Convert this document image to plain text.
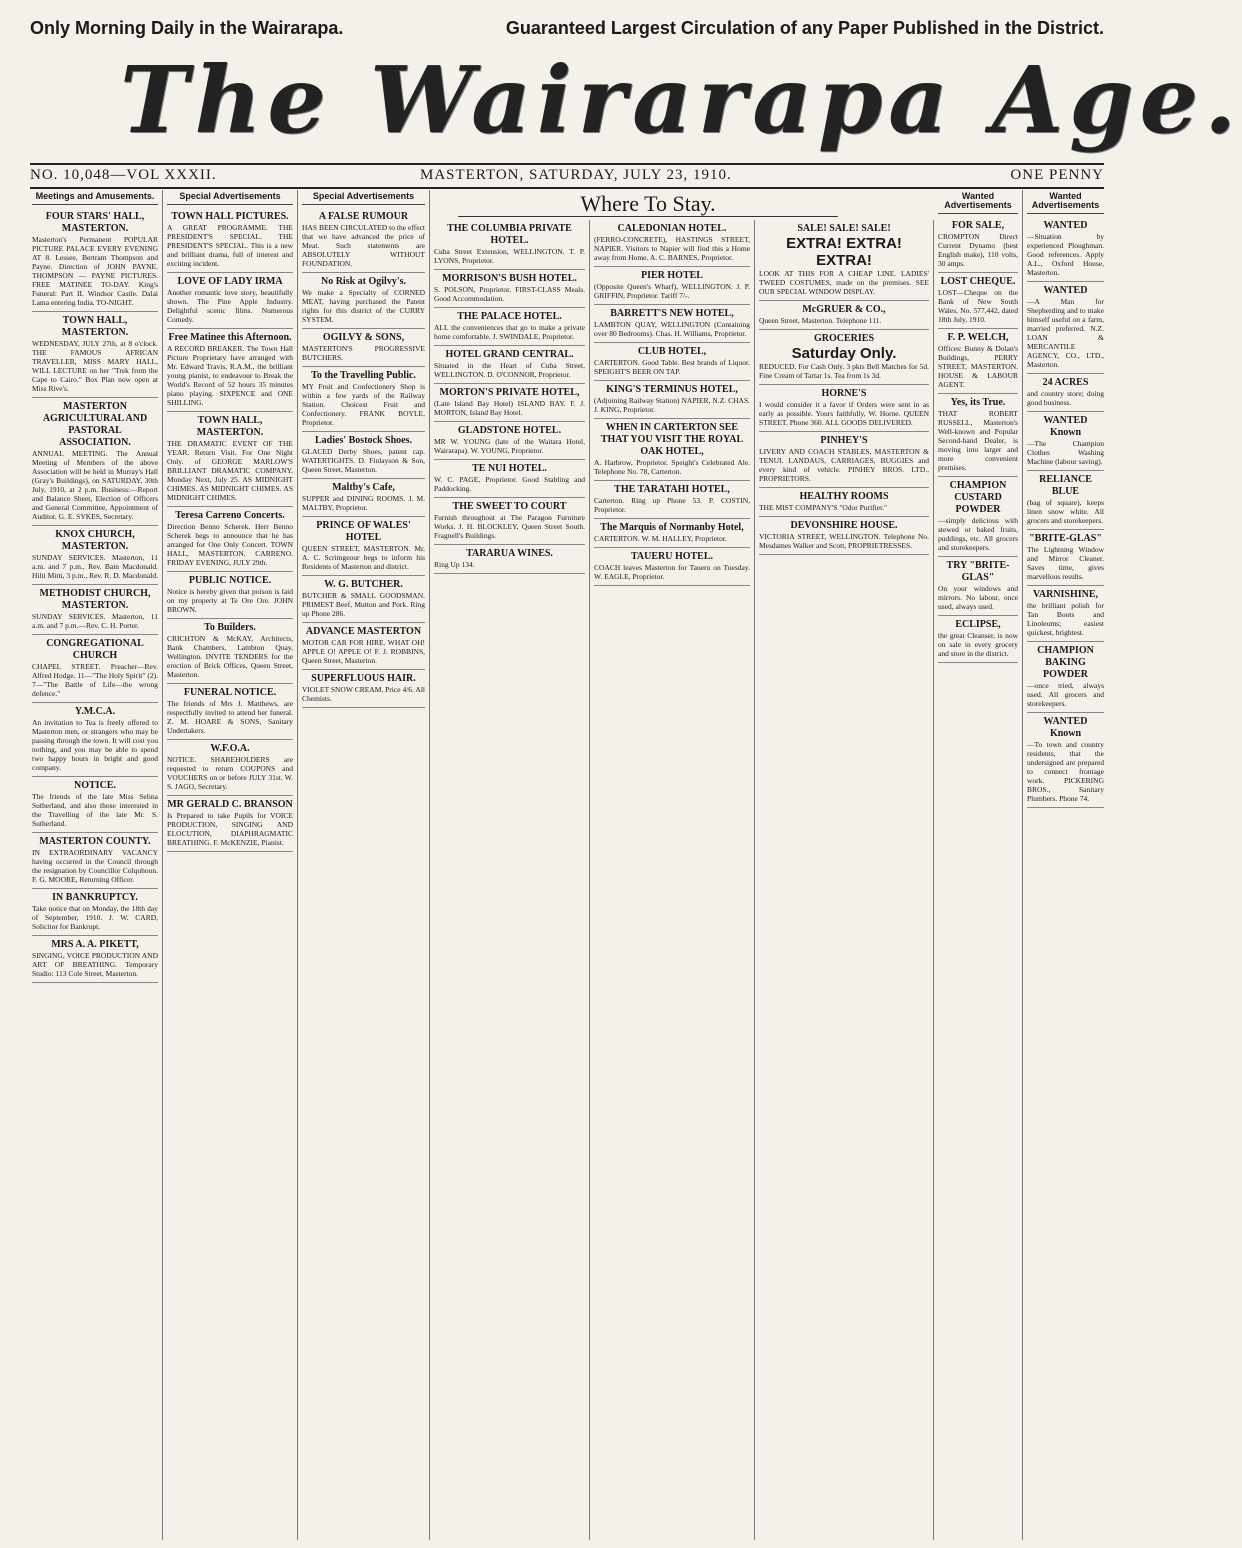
Only Morning Daily in the Wairarapa.	Guaranteed Largest Circulation of any Paper Published in the District.
The Wairarapa Age.
NO. 10,048—VOL XXXII.	MASTERTON, SATURDAY, JULY 23, 1910.	ONE PENNY
Where To Stay.
Meetings and Amusements.
FOUR STARS' HALL, MASTERTON.
Masterton's Permanent POPULAR PICTURE PALACE EVERY EVENING AT 8. Lessee, Bertram Thompson and Payne. Direction of JOHN PAYNE. THOMPSON — PAYNE PICTURES. FREE MATINEE TO-DAY. King's Funeral: Part II. Windsor Castle. Dalai Lama entering India. TO-NIGHT.
TOWN HALL, MASTERTON.
WEDNESDAY, JULY 27th, at 8 o'clock. THE FAMOUS AFRICAN TRAVELLER, MISS MARY HALL, WILL LECTURE on her "Trek from the Cape to Cairo." Box Plan now open at Miss Rive's.
MASTERTON AGRICULTURAL AND PASTORAL ASSOCIATION.
ANNUAL MEETING. The Annual Meeting of Members of the above Association will be held in Murray's Hall (Gray's Buildings), on SATURDAY, 30th July, 1910, at 2 p.m. Business:—Report and Balance Sheet, Election of Officers and General Committee, Appointment of Auditor. G. E. SYKES, Secretary.
KNOX CHURCH, MASTERTON.
SUNDAY SERVICES. Masterton, 11 a.m. and 7 p.m., Rev. Bain Macdonald. Hilti Mitti, 3 p.m., Rev. R. D. Macdonald.
METHODIST CHURCH, MASTERTON.
SUNDAY SERVICES. Masterton, 11 a.m. and 7 p.m.—Rev. C. H. Porter.
CONGREGATIONAL CHURCH
CHAPEL STREET. Preacher—Rev. Alfred Hodge. 11—"The Holy Spirit" (2). 7—"The Battle of Life—the wrong defence."
Y.M.C.A.
An invitation to Tea is freely offered to Masterton men, or strangers who may be passing through the town. It will cost you nothing, and you may be able to spend two happy hours in bright and good company.
NOTICE.
The friends of the late Miss Selina Sutherland, and also those interested in the Travelling of the late Mr. S. Sutherland.
MASTERTON COUNTY.
IN EXTRAORDINARY VACANCY having occurred in the Council through the resignation by Councillor Colquhoun. F. G. MOORE, Returning Officer.
IN BANKRUPTCY.
Take notice that on Monday, the 18th day of September, 1910. J. W. CARD, Solicitor for Bankrupt.
MRS A. A. PIKETT,
SINGING, VOICE PRODUCTION AND ART OF BREATHING. Temporary Studio: 113 Cole Street, Masterton.
Special Advertisements
TOWN HALL PICTURES.
A GREAT PROGRAMME. THE PRESIDENT'S SPECIAL. THE PRESIDENT'S SPECIAL. This is a new and brilliant drama, full of interest and exciting incident.
LOVE OF LADY IRMA
Another romantic love story, beautifully shown. The Pine Apple Industry. Delightful scenic films. Numerous Comedy.
Free Matinee this Afternoon.
A RECORD BREAKER. The Town Hall Picture Proprietary have arranged with Mr. Edward Travis, R.A.M., the brilliant young pianist, to endeavour to Break the World's Record of 52 hours 35 minutes piano playing. SIXPENCE and ONE SHILLING.
TOWN HALL, MASTERTON.
THE DRAMATIC EVENT OF THE YEAR. Return Visit. For One Night Only. of GEORGE MARLOW'S BRILLIANT DRAMATIC COMPANY. Monday Next, July 25. AS MIDNIGHT CHIMES. AS MIDNIGHT CHIMES. AS MIDNIGHT CHIMES.
Teresa Carreno Concerts.
Direction Benno Scherek. Herr Benno Scherek begs to announce that he has arranged for One Only Concert. TOWN HALL, MASTERTON. CARRENO. FRIDAY EVENING, JULY 29th.
PUBLIC NOTICE.
Notice is hereby given that poison is laid on my property at Te Ore Ore. JOHN BROWN.
To Builders.
CRICHTON & McKAY, Architects, Bank Chambers, Lambton Quay, Wellington. INVITE TENDERS for the erection of Brick Offices, Queen Street, Masterton.
FUNERAL NOTICE.
The friends of Mrs J. Matthews, are respectfully invited to attend her funeral. Z. M. HOARE & SONS, Sanitary Undertakers.
W.F.O.A.
NOTICE. SHAREHOLDERS are requested to return COUPONS and VOUCHERS on or before JULY 31st. W. S. JAGO, Secretary.
MR GERALD C. BRANSON
Is Prepared to take Pupils for VOICE PRODUCTION, SINGING AND ELOCUTION, DIAPHRAGMATIC BREATHING. F. McKENZIE, Pianist.
Special Advertisements
A FALSE RUMOUR
HAS BEEN CIRCULATED to the effect that we have advanced the price of Meat. Such statements are ABSOLUTELY WITHOUT FOUNDATION.
No Risk at Ogilvy's.
We make a Specialty of CORNED MEAT, having purchased the Patent rights for this district of the CURRY SYSTEM.
OGILVY & SONS,
MASTERTON'S PROGRESSIVE BUTCHERS.
To the Travelling Public.
MY Fruit and Confectionery Shop is within a few yards of the Railway Station. Choicest Fruit and Confectionery. FRANK BOYLE, Proprietor.
Ladies' Bostock Shoes.
GLACED Derby Shoes, patent cap. WATERTIGHTS. D. Finlayson & Son, Queen Street, Masterton.
Maltby's Cafe,
SUPPER and DINING ROOMS. J. M. MALTBY, Proprietor.
PRINCE OF WALES' HOTEL
QUEEN STREET, MASTERTON. Mr. A. C. Scrimgeour begs to inform his Residents of Masterton and district.
W. G. BUTCHER.
BUTCHER & SMALL GOODSMAN. PRIMEST Beef, Mutton and Pork. Ring up Phone 286.
ADVANCE MASTERTON
MOTOR CAR FOR HIRE. WHAT OH! APPLE O! APPLE O! F. J. ROBBINS, Queen Street, Masterton.
SUPERFLUOUS HAIR.
VIOLET SNOW CREAM. Price 4/6. All Chemists.
THE COLUMBIA PRIVATE HOTEL.
Cuba Street Extension, WELLINGTON. T. P. LYONS, Proprietor.
MORRISON'S BUSH HOTEL.
S. POLSON, Proprietor. FIRST-CLASS Meals. Good Accommodation.
THE PALACE HOTEL.
ALL the conveniences that go to make a private home comfortable. J. SWINDALE, Proprietor.
HOTEL GRAND CENTRAL.
Situated in the Heart of Cuba Street, WELLINGTON. D. O'CONNOR, Proprietor.
MORTON'S PRIVATE HOTEL,
(Late Island Bay Hotel) ISLAND BAY. F. J. MORTON, Island Bay Hotel.
GLADSTONE HOTEL.
MR W. YOUNG (late of the Waitara Hotel, Wairarapa). W. YOUNG, Proprietor.
TE NUI HOTEL.
W. C. PAGE, Proprietor. Good Stabling and Paddocking.
THE SWEET TO COURT
Furnish throughout at The Paragon Furniture Works. J. H. BLOCKLEY, Queen Street South. Fragnell's Buildings.
TARARUA WINES.
Ring Up 134.
CALEDONIAN HOTEL.
(FERRO-CONCRETE), HASTINGS STREET, NAPIER. Visitors to Napier will find this a Home away from Home. A. C. BARNES, Proprietor.
PIER HOTEL
(Opposite Queen's Wharf), WELLINGTON. J. P. GRIFFIN, Proprietor. Tariff 7/-.
BARRETT'S NEW HOTEL,
LAMBTON QUAY, WELLINGTON (Containing over 80 Bedrooms). Chas. H. Williams, Proprietor.
CLUB HOTEL,
CARTERTON. Good Table. Best brands of Liquor. SPEIGHT'S BEER ON TAP.
KING'S TERMINUS HOTEL,
(Adjoining Railway Station) NAPIER, N.Z. CHAS. J. KING, Proprietor.
WHEN IN CARTERTON SEE THAT YOU VISIT THE ROYAL OAK HOTEL,
A. Harbrow, Proprietor. Speight's Celebrated Ale. Telephone No. 78, Carterton.
THE TARATAHI HOTEL,
Carterton. Ring up Phone 53. P. COSTIN, Proprietor.
The Marquis of Normanby Hotel,
CARTERTON. W. M. HALLEY, Proprietor.
TAUERU HOTEL.
COACH leaves Masterton for Taueru on Tuesday. W. EAGLE, Proprietor.
SALE! SALE! SALE!
EXTRA! EXTRA! EXTRA!
LOOK AT THIS FOR A CHEAP LINE. LADIES' TWEED COSTUMES, made on the premises. SEE OUR SPECIAL WINDOW DISPLAY.
McGRUER & CO.,
Queen Street, Masterton. Telephone 111.
GROCERIES
Saturday Only.
REDUCED. For Cash Only. 3 pkts Bell Matches for 5d. Fine Cream of Tartar 1s. Tea from 1s 3d.
HORNE'S
I would consider it a favor if Orders were sent in as early as possible. Yours faithfully, W. Horne. QUEEN STREET. Phone 360. ALL GOODS DELIVERED.
PINHEY'S
LIVERY AND COACH STABLES, MASTERTON & TENUI. LANDAUS, CARRIAGES, BUGGIES and every kind of vehicle. PINHEY BROS. LTD., PROPRIETORS.
HEALTHY ROOMS
THE MIST COMPANY'S "Odor Purifier."
DEVONSHIRE HOUSE.
VICTORIA STREET, WELLINGTON. Telephone No. Mesdames Walker and Scott, PROPRIETRESSES.
Wanted Advertisements
FOR SALE,
CROMPTON Direct Current Dynamo (best English make), 110 volts, 30 amps.
LOST CHEQUE.
LOST—Cheque on the Bank of New South Wales, No. 577,442, dated 18th July, 1910.
F. P. WELCH,
Offices: Bunny & Dolan's Buildings, PERRY STREET, MASTERTON. HOUSE & LABOUR AGENT.
Yes, its True.
THAT ROBERT RUSSELL, Masterton's Well-known and Popular Second-hand Dealer, is moving into larger and more convenient premises.
CHAMPION CUSTARD POWDER
—simply delicious with stewed or baked fruits, puddings, etc. All grocers and storekeepers.
TRY "BRITE-GLAS"
On your windows and mirrors. No labour, once used, always used.
ECLIPSE,
the great Cleanser, is now on sale in every grocery and store in the district.
Wanted Advertisements
WANTED
—Situation by experienced Ploughman. Good references. Apply A.L., Oxford House, Masterton.
WANTED
—A Man for Shepherding and to make himself useful on a farm, married preferred. N.Z. LOAN & MERCANTILE AGENCY, CO., LTD., Masterton.
24 ACRES
and country store; doing good business.
WANTED Known
—The Champion Clothes Washing Machine (labour saving).
RELIANCE BLUE
(bag of square), keeps linen snow white. All grocers and storekeepers.
"BRITE-GLAS"
The Lightning Window and Mirror Cleaner. Saves time, gives marvellous results.
VARNISHINE,
the brilliant polish for Tan Boots and Linoleums; easiest quickest, brightest.
CHAMPION BAKING POWDER
—once tried, always used. All grocers and storekeepers.
WANTED Known
—To town and country residents, that the undersigned are prepared to connect frontage work. PICKERING BROS., Sanitary Plumbers. Phone 74.
